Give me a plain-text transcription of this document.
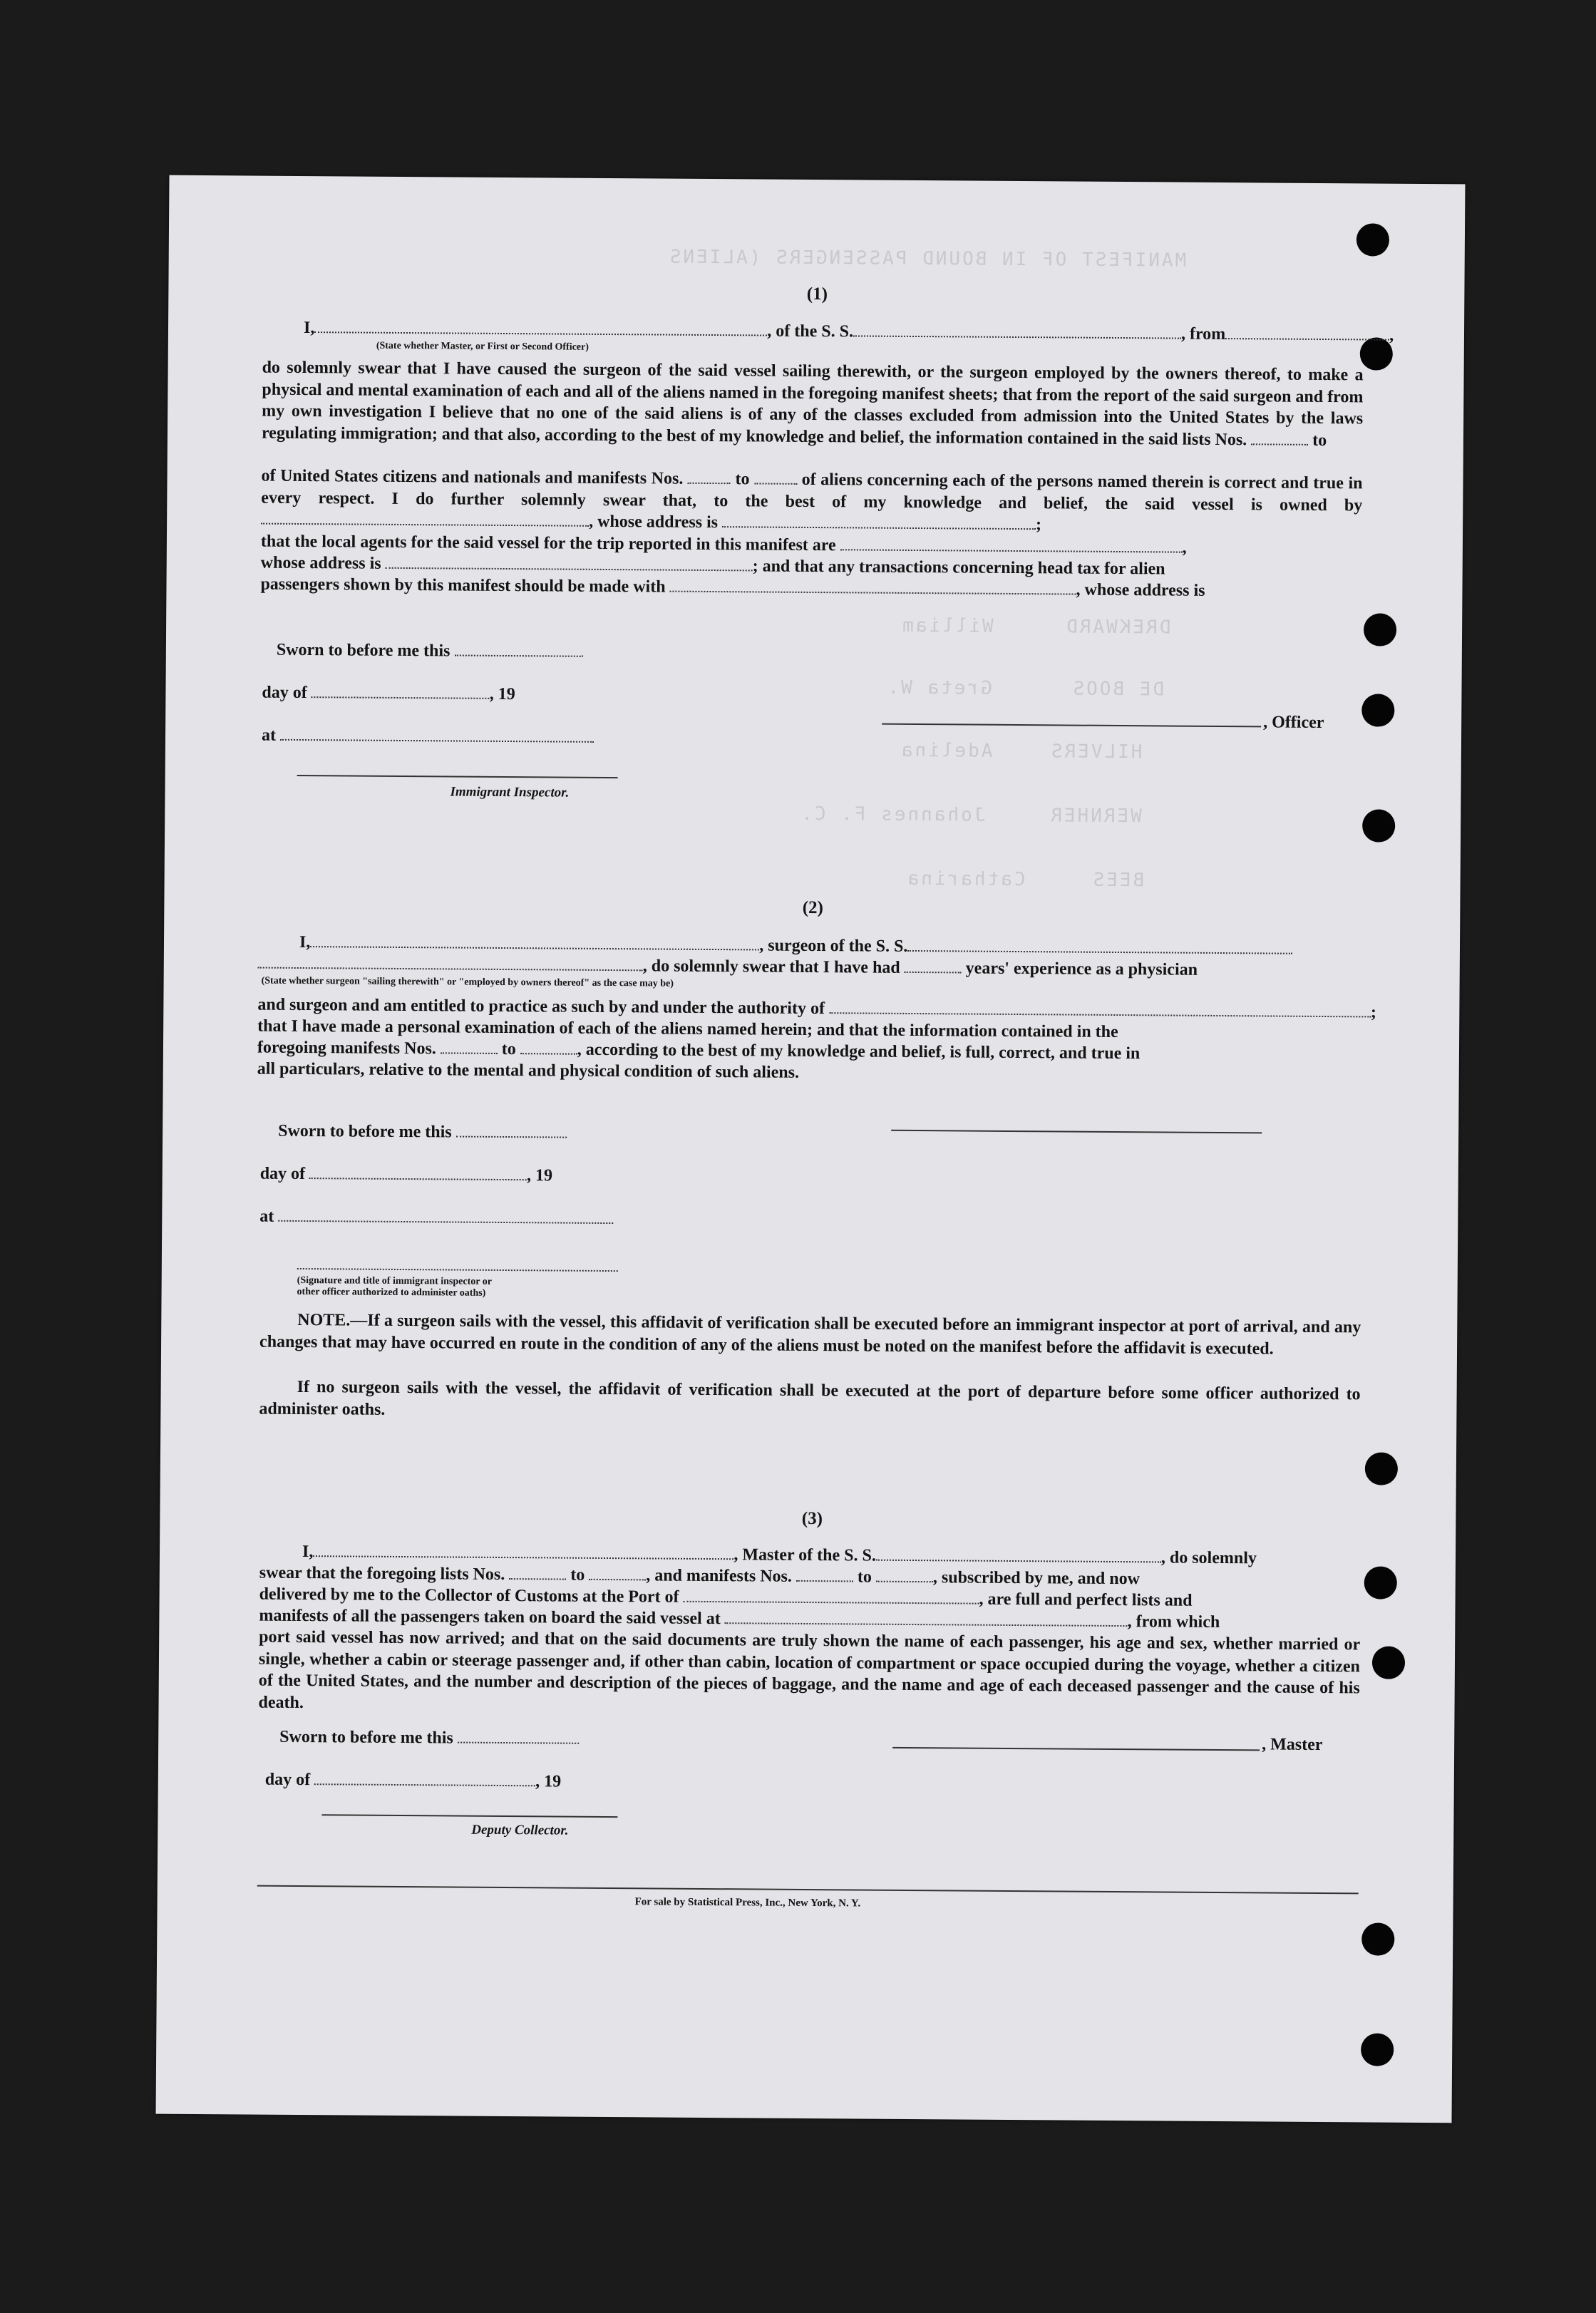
MANIFEST OF IN BOUND PASSENGERS (ALIENS
DREKWARD
William
DE BOOS
Greta W.
HILVERS
Adelina
WERNHER
Johannes F. C.
BEES
Catharina
(1)
I,	, of the S. S.	, from	,
(State whether Master, or First or Second Officer)

do solemnly swear that I have caused the surgeon of the said vessel sailing therewith, or the surgeon employed by the owners thereof, to make a physical and mental examination of each and all of the aliens named in the foregoing manifest sheets; that from the report of the said surgeon and from my own investigation I believe that no one of the said aliens is of any of the classes excluded from admission into the United States by the laws regulating immigration; and that also, according to the best of my knowledge and belief, the information contained in the said lists Nos.	to

of United States citizens and nationals and manifests Nos.	to	of aliens concerning each of the persons named therein is correct and true in every respect. I do further solemnly swear that, to the best of my knowledge and belief, the said vessel is owned by , whose address is	;

that the local agents for the said vessel for the trip reported in this manifest are	,
whose address is	; and that any transactions concerning head tax for alien
passengers shown by this manifest should be made with	, whose address is
Sworn to before me this
day of	, 19
at
Immigrant Inspector.
, Officer
(2)
I,	, surgeon of the S. S.
, do solemnly swear that I have had	years' experience as a physician
(State whether surgeon "sailing therewith" or "employed by owners thereof" as the case may be)
and surgeon and am entitled to practice as such by and under the authority of	;
that I have made a personal examination of each of the aliens named herein; and that the information contained in the
foregoing manifests Nos.	to	, according to the best of my knowledge and belief, is full, correct, and true in
all particulars, relative to the mental and physical condition of such aliens.
Sworn to before me this
day of	, 19
at
(Signature and title of immigrant inspector or
other officer authorized to administer oaths)
NOTE.—If a surgeon sails with the vessel, this affidavit of verification shall be executed before an immigrant inspector at port of arrival, and any changes that may have occurred en route in the condition of any of the aliens must be noted on the manifest before the affidavit is executed.
If no surgeon sails with the vessel, the affidavit of verification shall be executed at the port of departure before some officer authorized to administer oaths.
(3)
I,	, Master of the S. S.	, do solemnly
swear that the foregoing lists Nos.	to	, and manifests Nos.	to	, subscribed by me, and now
delivered by me to the Collector of Customs at the Port of	, are full and perfect lists and
manifests of all the passengers taken on board the said vessel at	, from which
port said vessel has now arrived; and that on the said documents are truly shown the name of each passenger, his age and sex, whether married or single, whether a cabin or steerage passenger and, if other than cabin, location of compartment or space occupied during the voyage, whether a citizen of the United States, and the number and description of the pieces of baggage, and the name and age of each deceased passenger and the cause of his death.
Sworn to before me this	, Master
day of	, 19
Deputy Collector.
For sale by Statistical Press, Inc., New York, N. Y.
